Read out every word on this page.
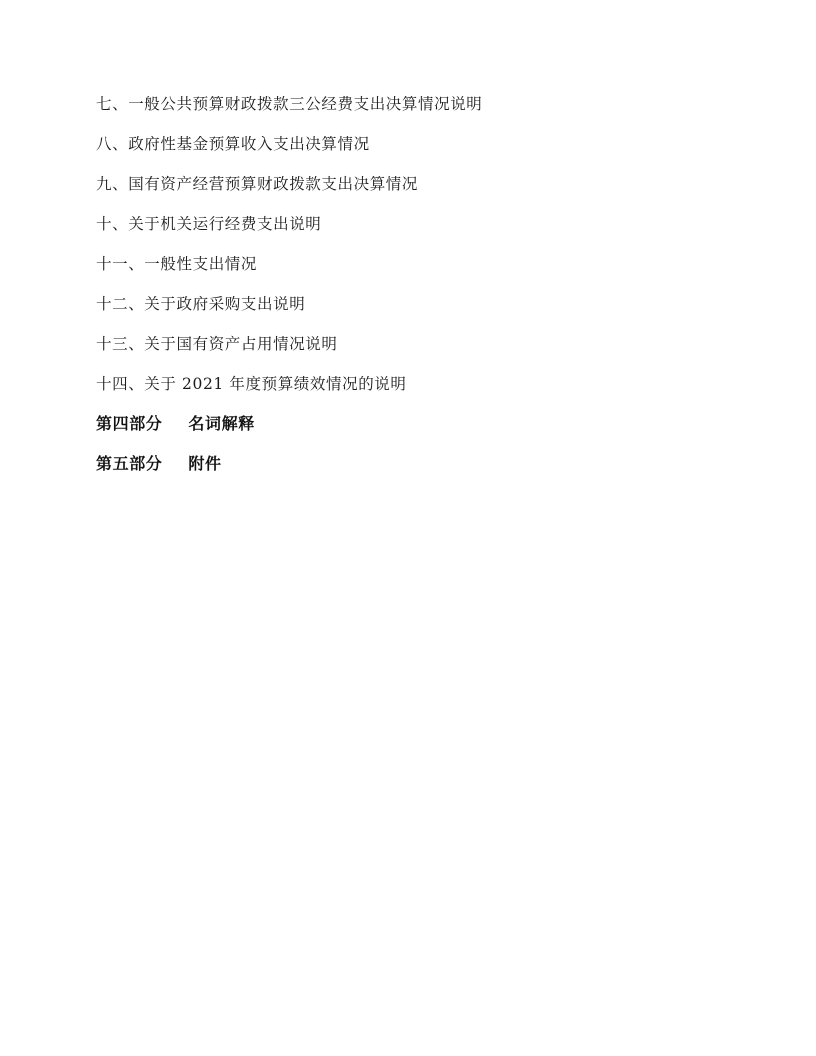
七、一般公共预算财政拨款三公经费支出决算情况说明
八、政府性基金预算收入支出决算情况
九、国有资产经营预算财政拨款支出决算情况
十、关于机关运行经费支出说明
十一、一般性支出情况
十二、关于政府采购支出说明
十三、关于国有资产占用情况说明
十四、关于 2021 年度预算绩效情况的说明
第四部分 名词解释
第五部分 附件
